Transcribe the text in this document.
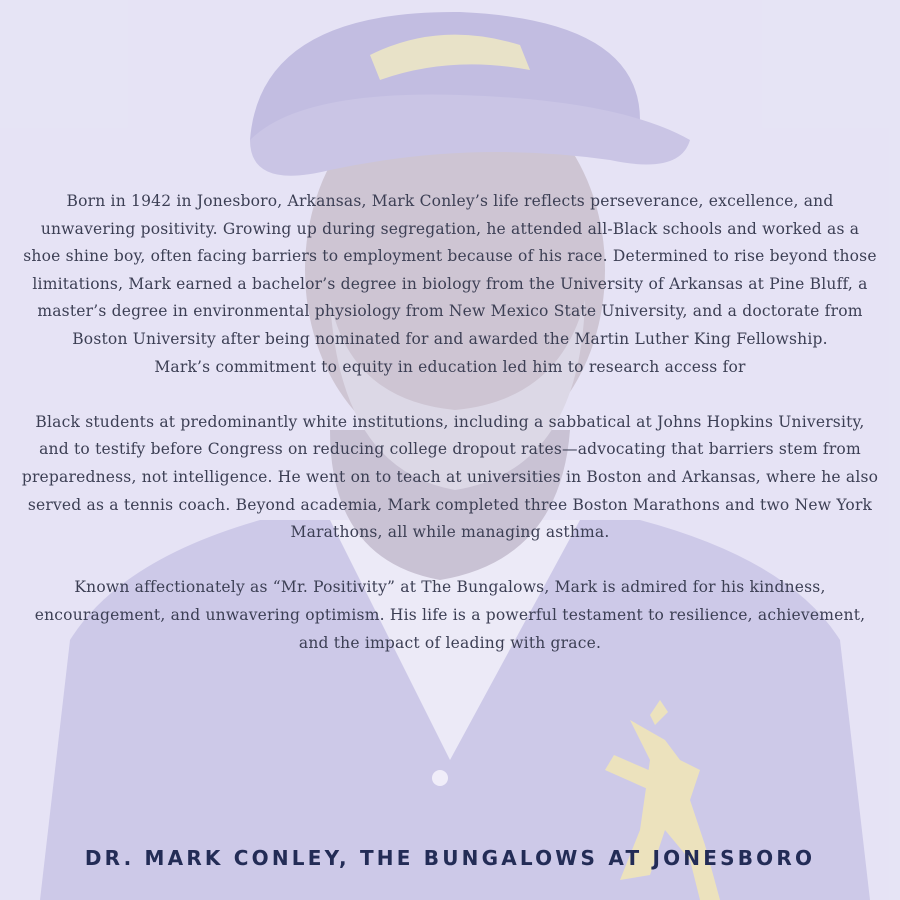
Born in 1942 in Jonesboro, Arkansas, Mark Conley’s life reflects perseverance, excellence, and unwavering positivity. Growing up during segregation, he attended all-Black schools and worked as a shoe shine boy, often facing barriers to employment because of his race. Determined to rise beyond those limitations, Mark earned a bachelor’s degree in biology from the University of Arkansas at Pine Bluff, a master’s degree in environmental physiology from New Mexico State University, and a doctorate from Boston University after being nominated for and awarded the Martin Luther King Fellowship.

Mark’s commitment to equity in education led him to research access for

Black students at predominantly white institutions, including a sabbatical at Johns Hopkins University, and to testify before Congress on reducing college dropout rates—advocating that barriers stem from preparedness, not intelligence. He went on to teach at universities in Boston and Arkansas, where he also served as a tennis coach. Beyond academia, Mark completed three Boston Marathons and two New York Marathons, all while managing asthma.

Known affectionately as “Mr. Positivity” at The Bungalows, Mark is admired for his kindness, encouragement, and unwavering optimism. His life is a powerful testament to resilience, achievement, and the impact of leading with grace.

DR. MARK CONLEY, THE BUNGALOWS AT JONESBORO
